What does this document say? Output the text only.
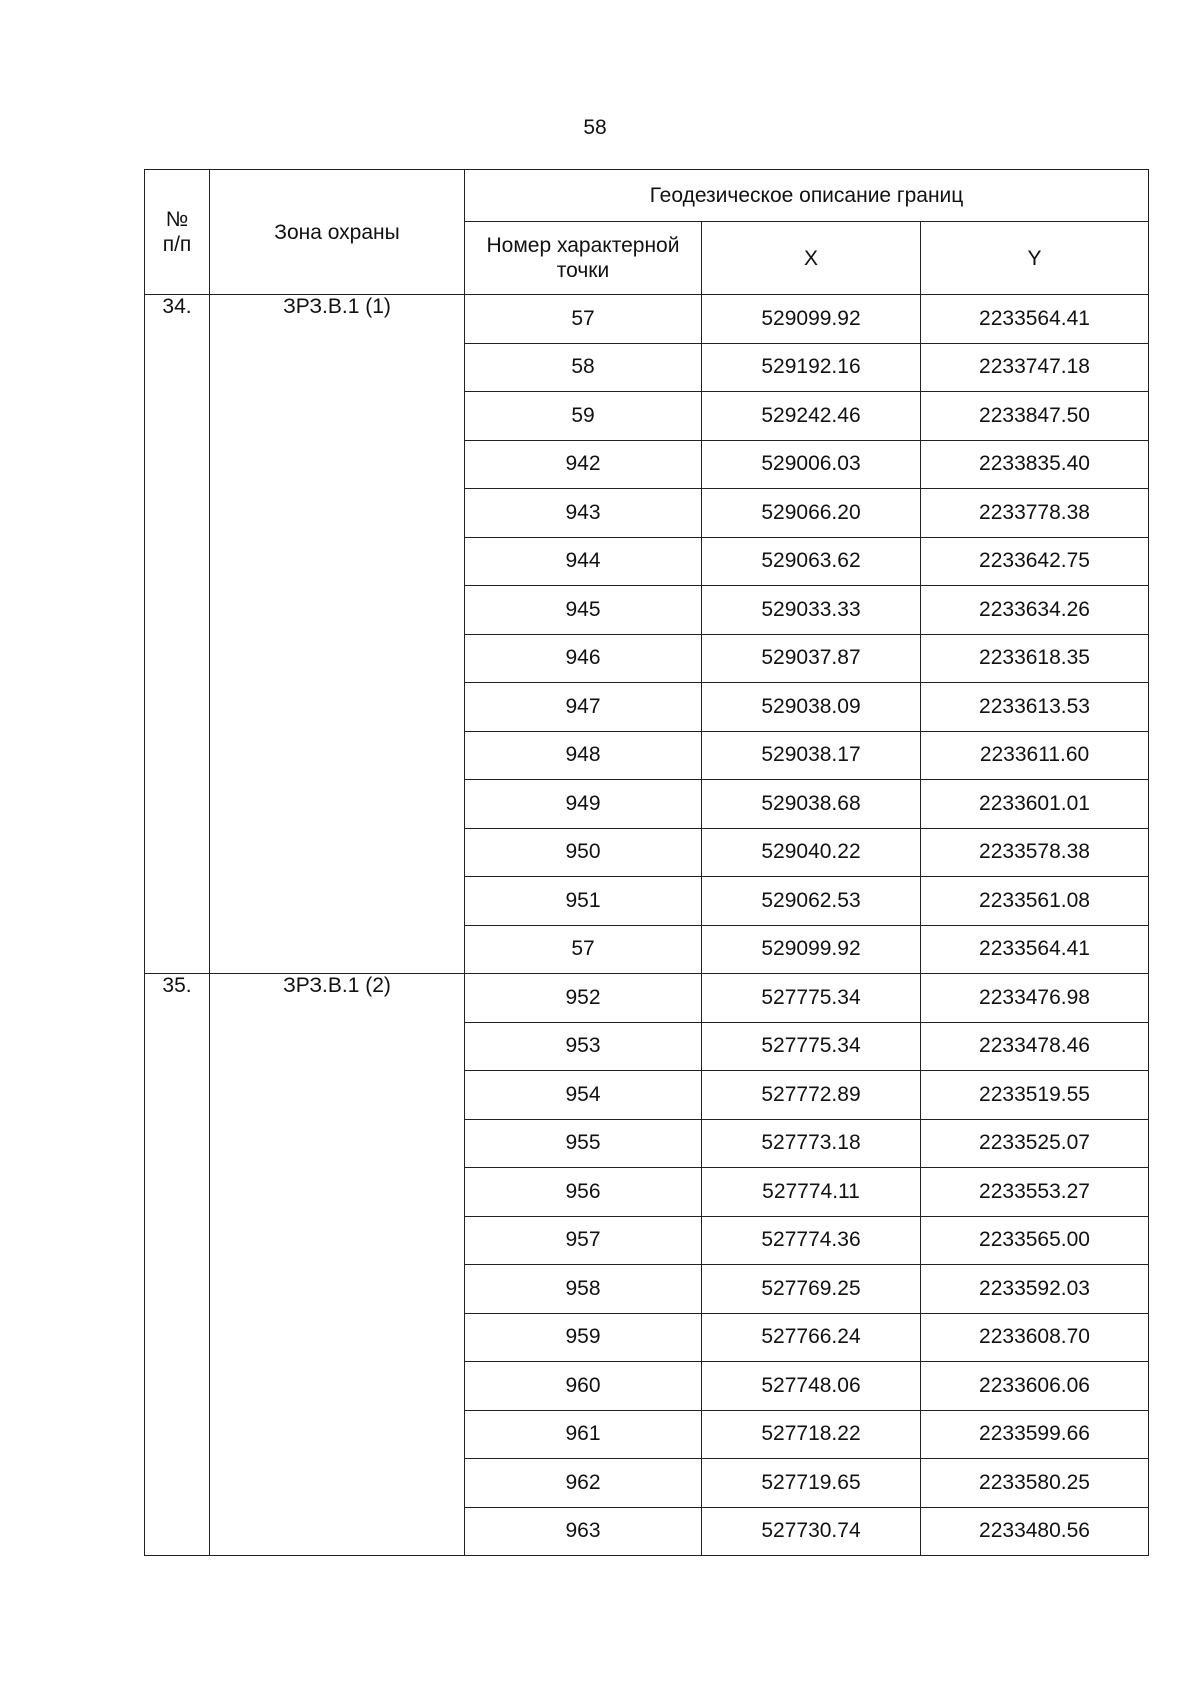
58
№ п/п	Зона охраны	Геодезическое описание границ		
		Номер характерной точки	X	Y
34.	ЗРЗ.В.1 (1)	57	529099.92	2233564.41
		58	529192.16	2233747.18
		59	529242.46	2233847.50
		942	529006.03	2233835.40
		943	529066.20	2233778.38
		944	529063.62	2233642.75
		945	529033.33	2233634.26
		946	529037.87	2233618.35
		947	529038.09	2233613.53
		948	529038.17	2233611.60
		949	529038.68	2233601.01
		950	529040.22	2233578.38
		951	529062.53	2233561.08
		57	529099.92	2233564.41
35.	ЗРЗ.В.1 (2)	952	527775.34	2233476.98
		953	527775.34	2233478.46
		954	527772.89	2233519.55
		955	527773.18	2233525.07
		956	527774.11	2233553.27
		957	527774.36	2233565.00
		958	527769.25	2233592.03
		959	527766.24	2233608.70
		960	527748.06	2233606.06
		961	527718.22	2233599.66
		962	527719.65	2233580.25
		963	527730.74	2233480.56
